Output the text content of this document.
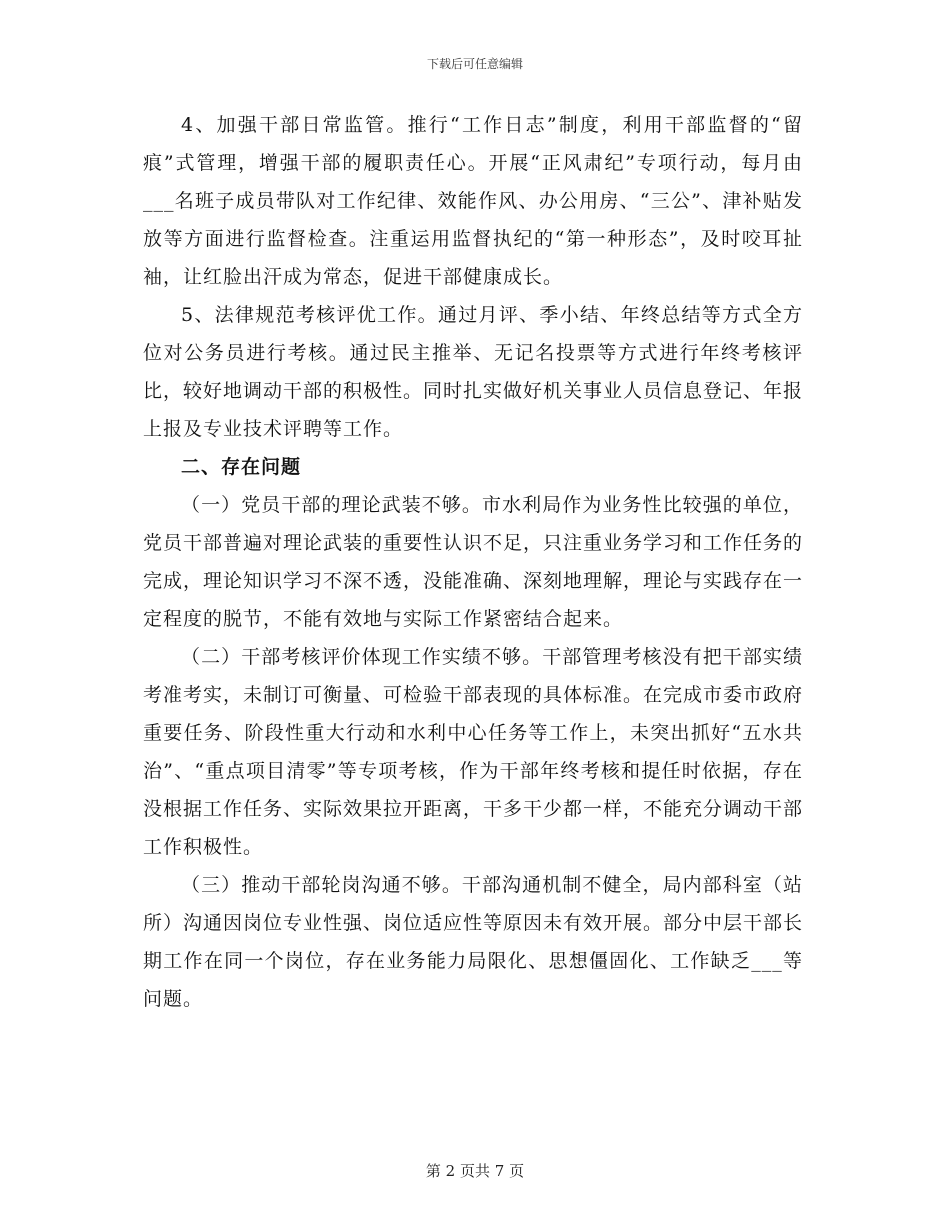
下载后可任意编辑

4、加强干部日常监管。推行“工作日志”制度，利用干部监督的“留痕”式管理，增强干部的履职责任心。开展“正风肃纪”专项行动，每月由___名班子成员带队对工作纪律、效能作风、办公用房、“三公”、津补贴发放等方面进行监督检查。注重运用监督执纪的“第一种形态”，及时咬耳扯袖，让红脸出汗成为常态，促进干部健康成长。

5、法律规范考核评优工作。通过月评、季小结、年终总结等方式全方位对公务员进行考核。通过民主推举、无记名投票等方式进行年终考核评比，较好地调动干部的积极性。同时扎实做好机关事业人员信息登记、年报上报及专业技术评聘等工作。

二、存在问题

（一）党员干部的理论武装不够。市水利局作为业务性比较强的单位，党员干部普遍对理论武装的重要性认识不足，只注重业务学习和工作任务的完成，理论知识学习不深不透，没能准确、深刻地理解，理论与实践存在一定程度的脱节，不能有效地与实际工作紧密结合起来。

（二）干部考核评价体现工作实绩不够。干部管理考核没有把干部实绩考准考实，未制订可衡量、可检验干部表现的具体标准。在完成市委市政府重要任务、阶段性重大行动和水利中心任务等工作上，未突出抓好“五水共治”、“重点项目清零”等专项考核，作为干部年终考核和提任时依据，存在没根据工作任务、实际效果拉开距离，干多干少都一样，不能充分调动干部工作积极性。

（三）推动干部轮岗沟通不够。干部沟通机制不健全，局内部科室（站所）沟通因岗位专业性强、岗位适应性等原因未有效开展。部分中层干部长期工作在同一个岗位，存在业务能力局限化、思想僵固化、工作缺乏___等问题。

第 2 页共 7 页
